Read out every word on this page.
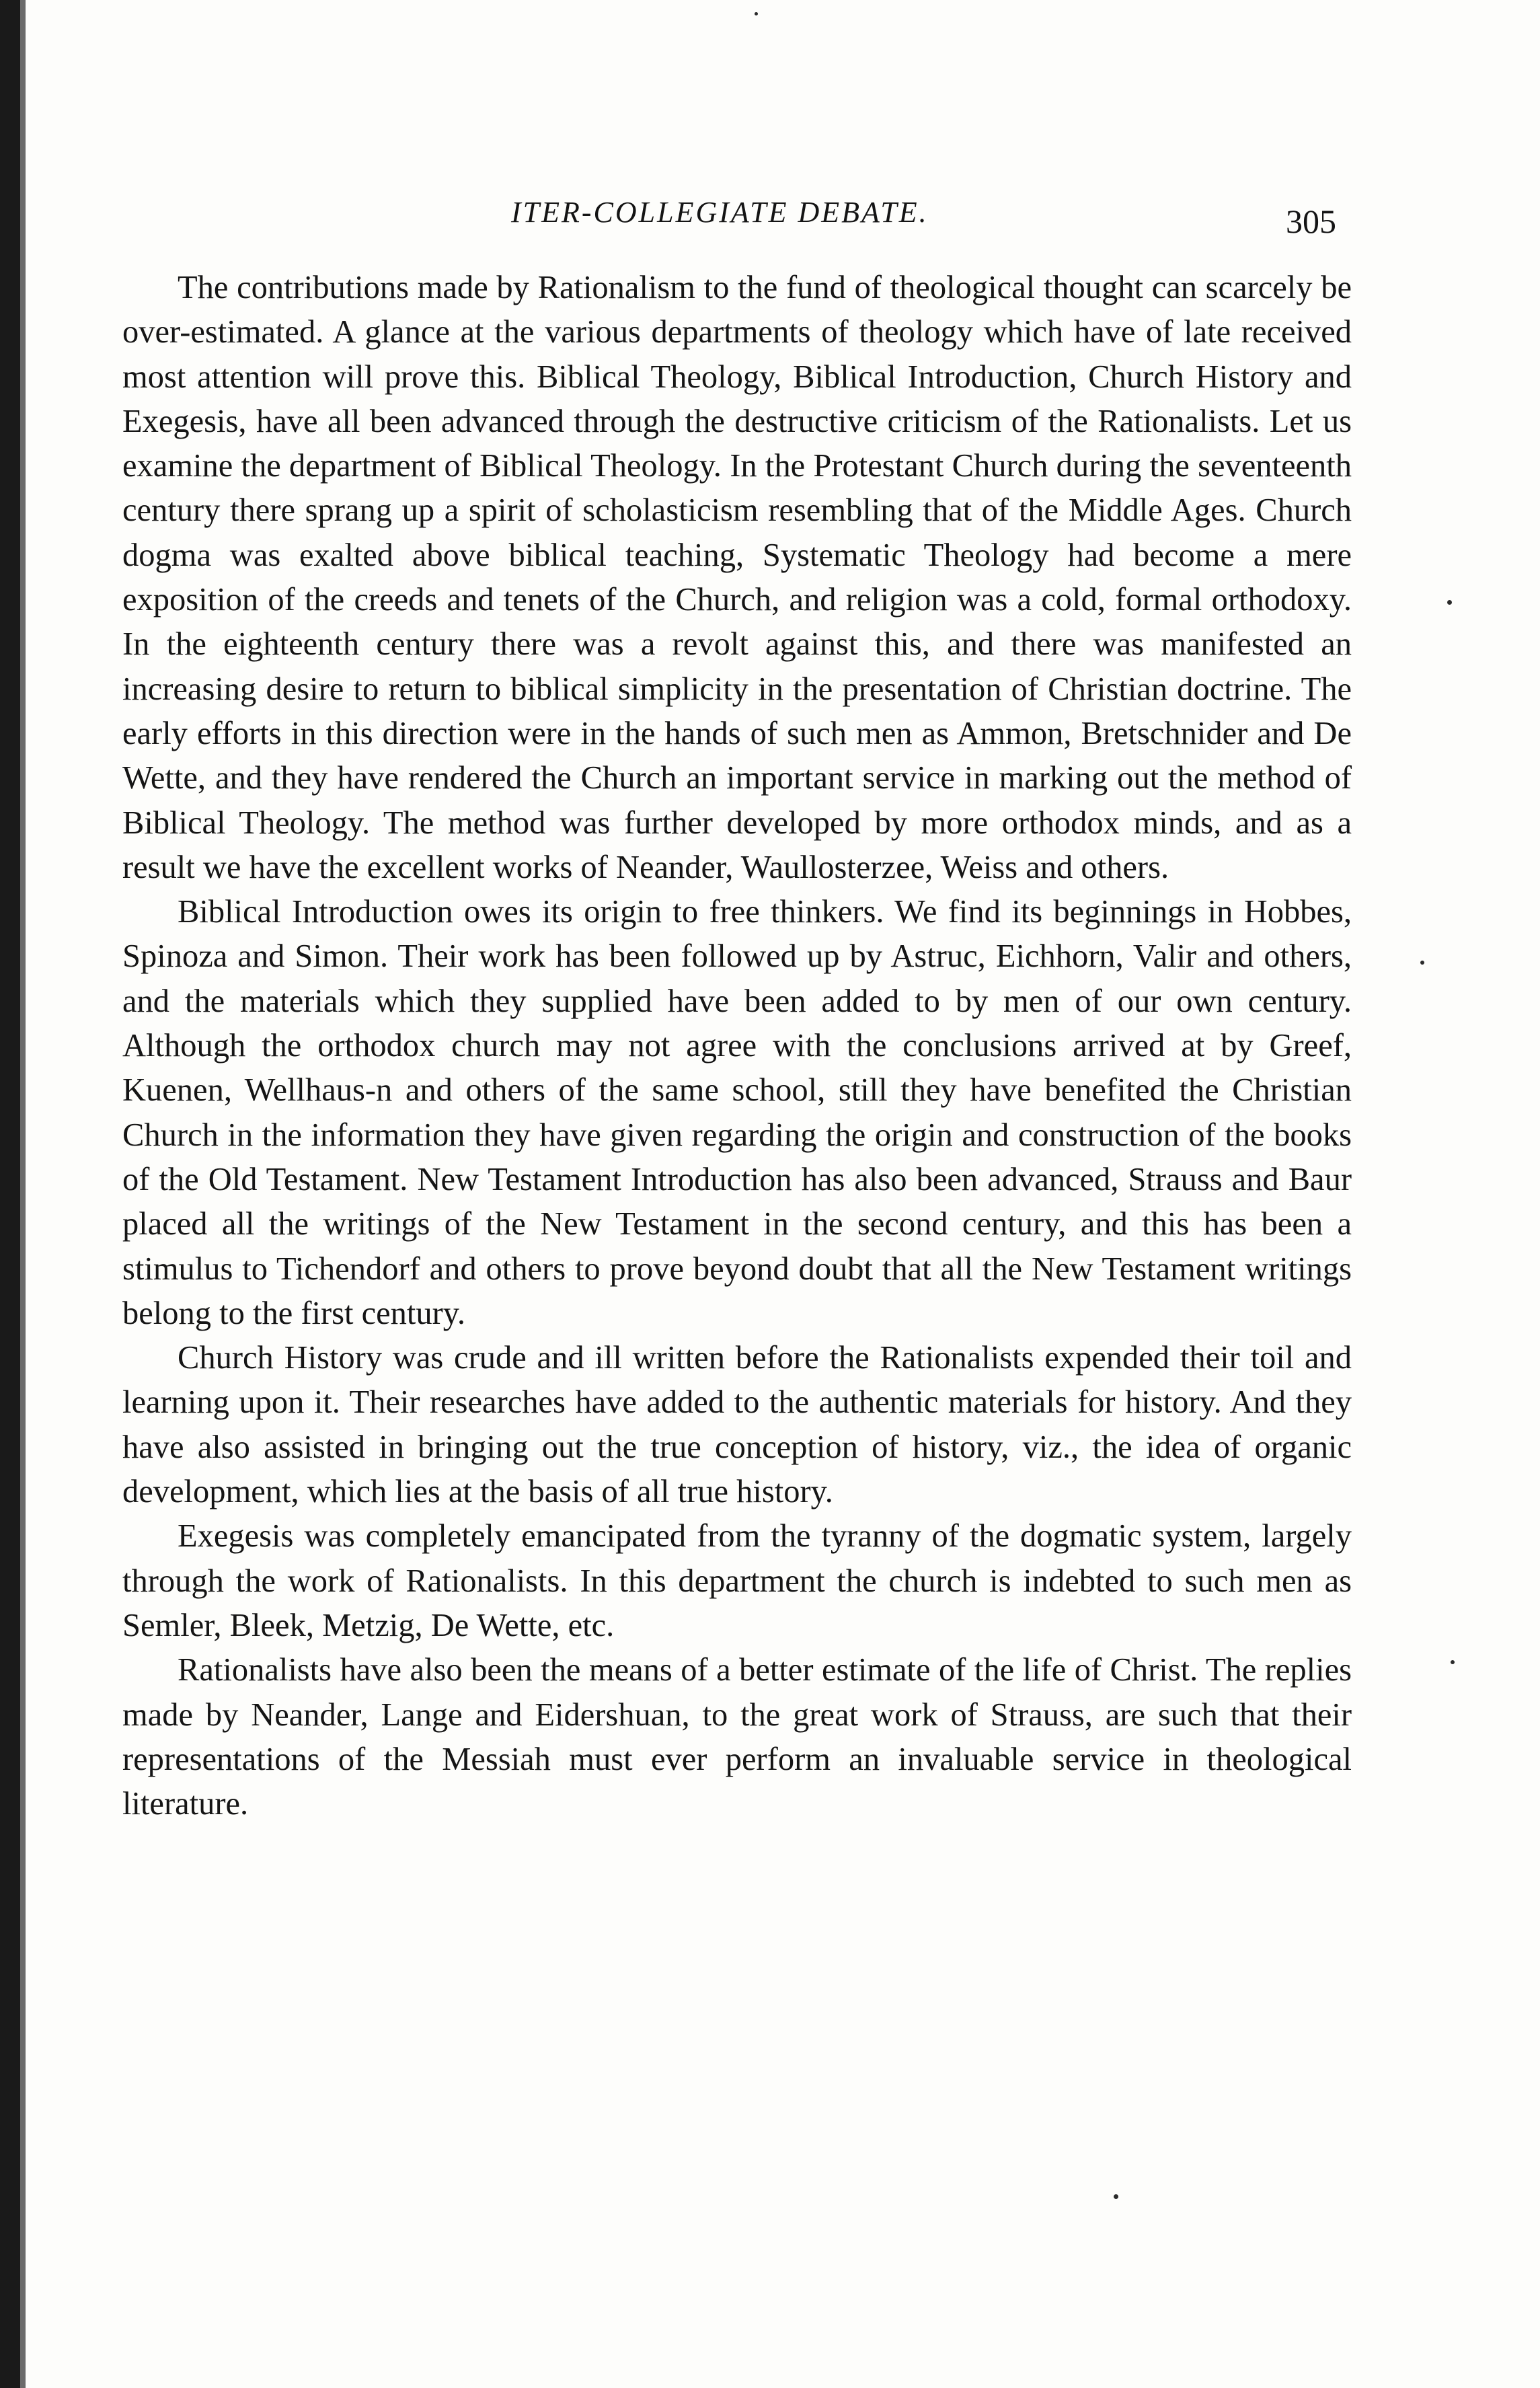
ITER-COLLEGIATE DEBATE.	305

The contributions made by Rationalism to the fund of theological thought can scarcely be over-estimated. A glance at the various departments of theology which have of late received most attention will prove this. Biblical Theology, Biblical Introduction, Church History and Exegesis, have all been advanced through the destructive criticism of the Rationalists. Let us examine the department of Biblical Theology. In the Protestant Church during the seventeenth century there sprang up a spirit of scholasticism resembling that of the Middle Ages. Church dogma was exalted above biblical teaching, Systematic Theology had become a mere exposition of the creeds and tenets of the Church, and religion was a cold, formal orthodoxy. In the eighteenth century there was a revolt against this, and there was manifested an increasing desire to return to biblical simplicity in the presentation of Christian doctrine. The early efforts in this direction were in the hands of such men as Ammon, Bretschnider and De Wette, and they have rendered the Church an important service in marking out the method of Biblical Theology. The method was further developed by more orthodox minds, and as a result we have the excellent works of Neander, Waullosterzee, Weiss and others.

Biblical Introduction owes its origin to free thinkers. We find its beginnings in Hobbes, Spinoza and Simon. Their work has been followed up by Astruc, Eichhorn, Valir and others, and the materials which they supplied have been added to by men of our own century. Although the orthodox church may not agree with the conclusions arrived at by Greef, Kuenen, Wellhaus-n and others of the same school, still they have benefited the Christian Church in the information they have given regarding the origin and construction of the books of the Old Testament. New Testament Introduction has also been advanced, Strauss and Baur placed all the writings of the New Testament in the second century, and this has been a stimulus to Tichendorf and others to prove beyond doubt that all the New Testament writings belong to the first century.

Church History was crude and ill written before the Rationalists expended their toil and learning upon it. Their researches have added to the authentic materials for history. And they have also assisted in bringing out the true conception of history, viz., the idea of organic development, which lies at the basis of all true history.

Exegesis was completely emancipated from the tyranny of the dogmatic system, largely through the work of Rationalists. In this department the church is indebted to such men as Semler, Bleek, Metzig, De Wette, etc.

Rationalists have also been the means of a better estimate of the life of Christ. The replies made by Neander, Lange and Eidershuan, to the great work of Strauss, are such that their representations of the Messiah must ever perform an invaluable service in theological literature.
